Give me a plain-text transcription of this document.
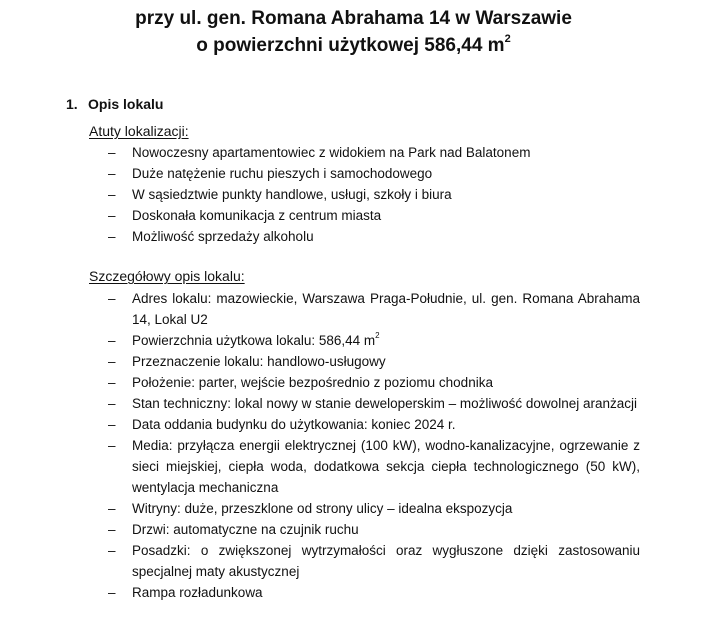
przy ul. gen. Romana Abrahama 14 w Warszawie
o powierzchni użytkowej 586,44 $m^2$
1. Opis lokalu
Atuty lokalizacji:
–	Nowoczesny apartamentowiec z widokiem na Park nad Balatonem
–	Duże natężenie ruchu pieszych i samochodowego
–	W sąsiedztwie punkty handlowe, usługi, szkoły i biura
–	Doskonała komunikacja z centrum miasta
–	Możliwość sprzedaży alkoholu
Szczegółowy opis lokalu:
–	Adres lokalu: mazowieckie, Warszawa Praga-Południe, ul. gen. Romana Abrahama 14, Lokal U2
–	Powierzchnia użytkowa lokalu: 586,44 $m^2$
–	Przeznaczenie lokalu: handlowo-usługowy
–	Położenie: parter, wejście bezpośrednio z poziomu chodnika
–	Stan techniczny: lokal nowy w stanie deweloperskim – możliwość dowolnej aranżacji
–	Data oddania budynku do użytkowania: koniec 2024 r.
–	Media: przyłącza energii elektrycznej (100 kW), wodno-kanalizacyjne, ogrzewanie z sieci miejskiej, ciepła woda, dodatkowa sekcja ciepła technologicznego (50 kW), wentylacja mechaniczna
–	Witryny: duże, przeszklone od strony ulicy – idealna ekspozycja
–	Drzwi: automatyczne na czujnik ruchu
–	Posadzki: o zwiększonej wytrzymałości oraz wygłuszone dzięki zastosowaniu specjalnej maty akustycznej
–	Rampa rozładunkowa
